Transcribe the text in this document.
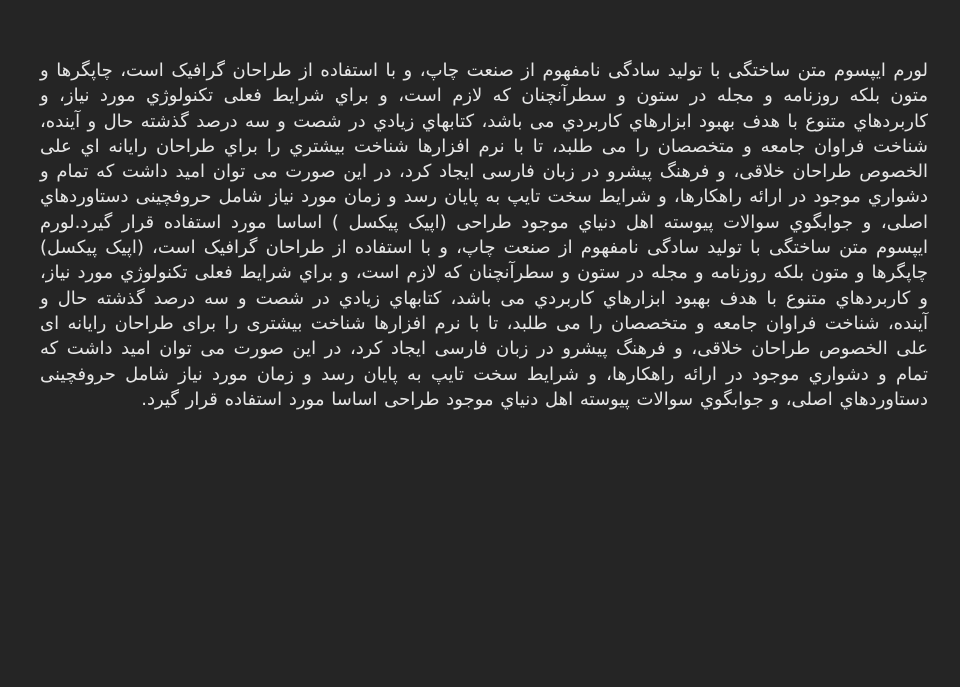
لورم ایپسوم متن ساختگی با تولید سادگی نامفهوم از صنعت چاپ، و با استفاده از طراحان گرافیک است، چاپگرها و متون بلکه روزنامه و مجله در ستون و سطرآنچنان که لازم است، و براي شرایط فعلی تکنولوژي مورد نیاز، و کاربردهاي متنوع با هدف بهبود ابزارهاي کاربردي می باشد، کتابهاي زیادي در شصت و سه درصد گذشته حال و آینده، شناخت فراوان جامعه و متخصصان را می طلبد، تا با نرم افزارها شناخت بیشتري را براي طراحان رایانه اي علی الخصوص طراحان خلاقی، و فرهنگ پیشرو در زبان فارسی ایجاد کرد، در این صورت می توان امید داشت که تمام و دشواري موجود در ارائه راهکارها، و شرایط سخت تایپ به پایان رسد و زمان مورد نیاز شامل حروفچینی دستاوردهاي اصلی، و جوابگوي سوالات پیوسته اهل دنیاي موجود طراحی (اپیک پیکسل ) اساسا مورد استفاده قرار گیرد.لورم ایپسوم متن ساختگی با تولید سادگی نامفهوم از صنعت چاپ، و با استفاده از طراحان گرافیک است، (اپیک پیکسل) چاپگرها و متون بلکه روزنامه و مجله در ستون و سطرآنچنان که لازم است، و براي شرایط فعلی تکنولوژي مورد نیاز، و کاربردهاي متنوع با هدف بهبود ابزارهاي کاربردي می باشد، کتابهاي زیادي در شصت و سه درصد گذشته حال و آینده، شناخت فراوان جامعه و متخصصان را می طلبد، تا با نرم افزارها شناخت بیشتری را برای طراحان رایانه ای علی الخصوص طراحان خلاقی، و فرهنگ پیشرو در زبان فارسی ایجاد کرد، در این صورت می توان امید داشت که تمام و دشواري موجود در ارائه راهکارها، و شرایط سخت تایپ به پایان رسد و زمان مورد نیاز شامل حروفچینی دستاوردهاي اصلی، و جوابگوي سوالات پیوسته اهل دنیاي موجود طراحی اساسا مورد استفاده قرار گیرد.
